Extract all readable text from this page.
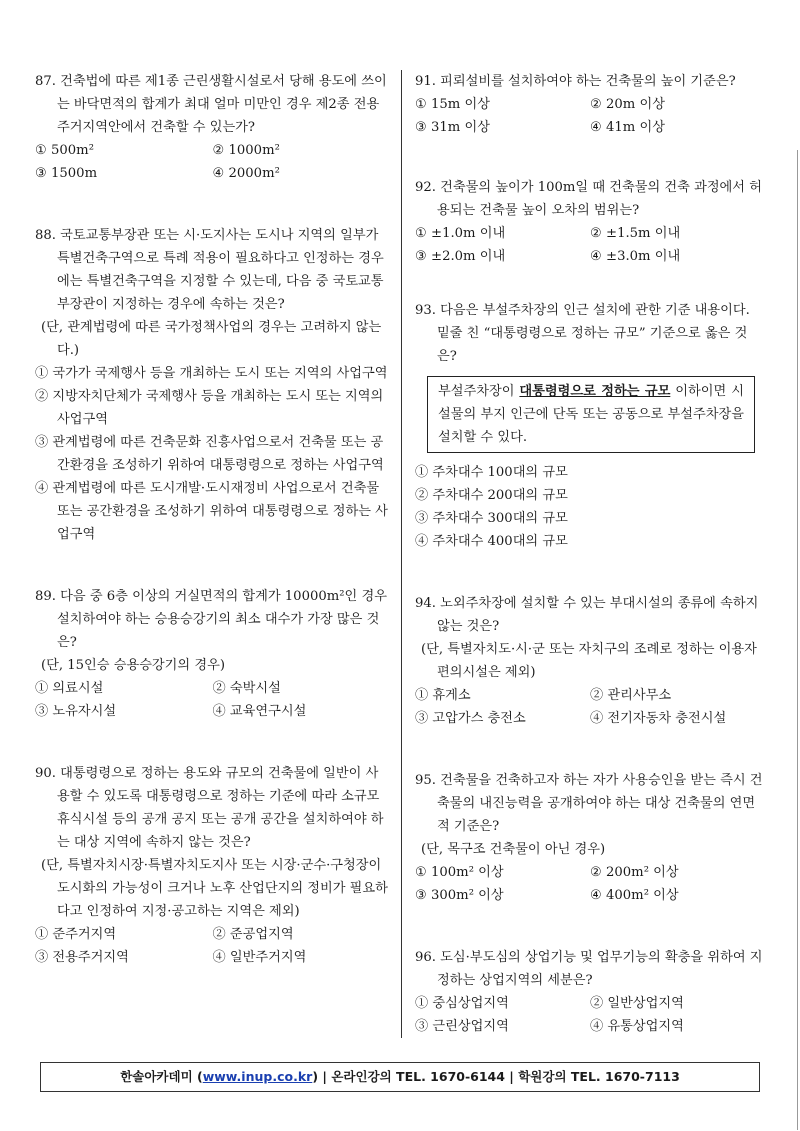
87. 건축법에 따른 제1종 근린생활시설로서 당해 용도에 쓰이는 바닥면적의 합계가 최대 얼마 미만인 경우 제2종 전용주거지역안에서 건축할 수 있는가?

① 500m²	② 1000m²
③ 1500m	④ 2000m²

88. 국토교통부장관 또는 시·도지사는 도시나 지역의 일부가 특별건축구역으로 특례 적용이 필요하다고 인정하는 경우에는 특별건축구역을 지정할 수 있는데, 다음 중 국토교통부장관이 지정하는 경우에 속하는 것은?

(단, 관계법령에 따른 국가정책사업의 경우는 고려하지 않는다.)

① 국가가 국제행사 등을 개최하는 도시 또는 지역의 사업구역
② 지방자치단체가 국제행사 등을 개최하는 도시 또는 지역의 사업구역
③ 관계법령에 따른 건축문화 진흥사업으로서 건축물 또는 공간환경을 조성하기 위하여 대통령령으로 정하는 사업구역
④ 관계법령에 따른 도시개발·도시재정비 사업으로서 건축물 또는 공간환경을 조성하기 위하여 대통령령으로 정하는 사업구역

89. 다음 중 6층 이상의 거실면적의 합계가 10000m²인 경우 설치하여야 하는 승용승강기의 최소 대수가 가장 많은 것은?

(단, 15인승 승용승강기의 경우)

① 의료시설	② 숙박시설
③ 노유자시설	④ 교육연구시설

90. 대통령령으로 정하는 용도와 규모의 건축물에 일반이 사용할 수 있도록 대통령령으로 정하는 기준에 따라 소규모 휴식시설 등의 공개 공지 또는 공개 공간을 설치하여야 하는 대상 지역에 속하지 않는 것은?

(단, 특별자치시장·특별자치도지사 또는 시장·군수·구청장이 도시화의 가능성이 크거나 노후 산업단지의 정비가 필요하다고 인정하여 지정·공고하는 지역은 제외)

① 준주거지역	② 준공업지역
③ 전용주거지역	④ 일반주거지역

91. 피뢰설비를 설치하여야 하는 건축물의 높이 기준은?

① 15m 이상	② 20m 이상
③ 31m 이상	④ 41m 이상

92. 건축물의 높이가 100m일 때 건축물의 건축 과정에서 허용되는 건축물 높이 오차의 범위는?

① ±1.0m 이내	② ±1.5m 이내
③ ±2.0m 이내	④ ±3.0m 이내

93. 다음은 부설주차장의 인근 설치에 관한 기준 내용이다. 밑줄 친 “대통령령으로 정하는 규모” 기준으로 옳은 것은?

부설주차장이 대통령령으로 정하는 규모 이하이면 시설물의 부지 인근에 단독 또는 공동으로 부설주차장을 설치할 수 있다.
① 주차대수 100대의 규모
② 주차대수 200대의 규모
③ 주차대수 300대의 규모
④ 주차대수 400대의 규모

94. 노외주차장에 설치할 수 있는 부대시설의 종류에 속하지 않는 것은?

(단, 특별자치도·시·군 또는 자치구의 조례로 정하는 이용자 편의시설은 제외)

① 휴게소	② 관리사무소
③ 고압가스 충전소	④ 전기자동차 충전시설

95. 건축물을 건축하고자 하는 자가 사용승인을 받는 즉시 건축물의 내진능력을 공개하여야 하는 대상 건축물의 연면적 기준은?

(단, 목구조 건축물이 아닌 경우)

① 100m² 이상	② 200m² 이상
③ 300m² 이상	④ 400m² 이상

96. 도심·부도심의 상업기능 및 업무기능의 확충을 위하여 지정하는 상업지역의 세분은?

① 중심상업지역	② 일반상업지역
③ 근린상업지역	④ 유통상업지역
한솔아카데미 (www.inup.co.kr) | 온라인강의 TEL. 1670-6144 | 학원강의 TEL. 1670-7113
